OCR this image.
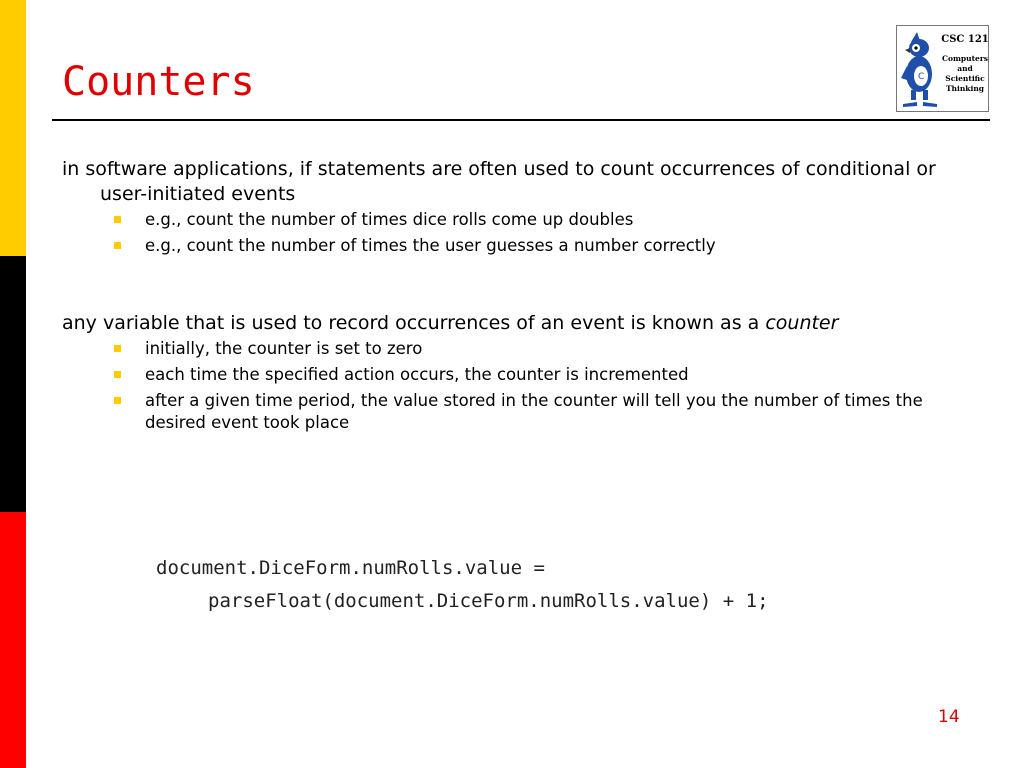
Counters	C
CSC 121
Computers
and
Scientific
Thinking

in software applications, if statements are often used to count occurrences of conditional or user-initiated events

e.g., count the number of times dice rolls come up doubles
e.g., count the number of times the user guesses a number correctly

any variable that is used to record occurrences of an event is known as a counter

initially, the counter is set to zero
each time the specified action occurs, the counter is incremented
after a given time period, the value stored in the counter will tell you the number of times the desired event took place
document.DiceForm.numRolls.value =
parseFloat(document.DiceForm.numRolls.value) + 1;
14
